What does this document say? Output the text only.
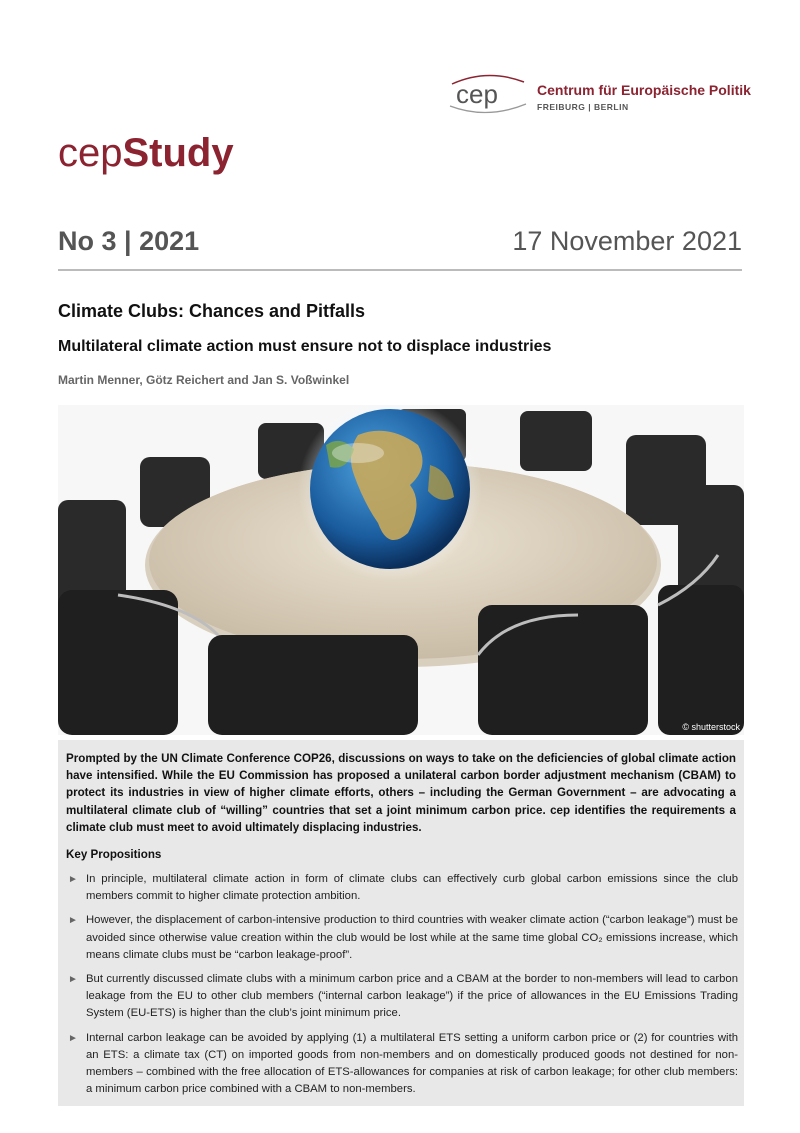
cep	Centrum für Europäische Politik
FREIBURG | BERLIN
cepStudy
No 3 | 2021	17 November 2021
Climate Clubs: Chances and Pitfalls
Multilateral climate action must ensure not to displace industries
Martin Menner, Götz Reichert and Jan S. Voßwinkel
© shutterstock
Prompted by the UN Climate Conference COP26, discussions on ways to take on the deficiencies of global climate action have intensified. While the EU Commission has proposed a unilateral carbon border adjustment mechanism (CBAM) to protect its industries in view of higher climate efforts, others – including the German Government – are advocating a multilateral climate club of “willing” countries that set a joint minimum carbon price. cep identifies the requirements a climate club must meet to avoid ultimately displacing industries.
Key Propositions
► In principle, multilateral climate action in form of climate clubs can effectively curb global carbon emissions since the club members commit to higher climate protection ambition.
► However, the displacement of carbon-intensive production to third countries with weaker climate action (“carbon leakage”) must be avoided since otherwise value creation within the club would be lost while at the same time global CO₂ emissions increase, which means climate clubs must be “carbon leakage-proof”.
► But currently discussed climate clubs with a minimum carbon price and a CBAM at the border to non-members will lead to carbon leakage from the EU to other club members (“internal carbon leakage”) if the price of allowances in the EU Emissions Trading System (EU-ETS) is higher than the club’s joint minimum price.
► Internal carbon leakage can be avoided by applying (1) a multilateral ETS setting a uniform carbon price or (2) for countries with an ETS: a climate tax (CT) on imported goods from non-members and on domestically produced goods not destined for non-members – combined with the free allocation of ETS-allowances for companies at risk of carbon leakage; for other club members: a minimum carbon price combined with a CBAM to non-members.
